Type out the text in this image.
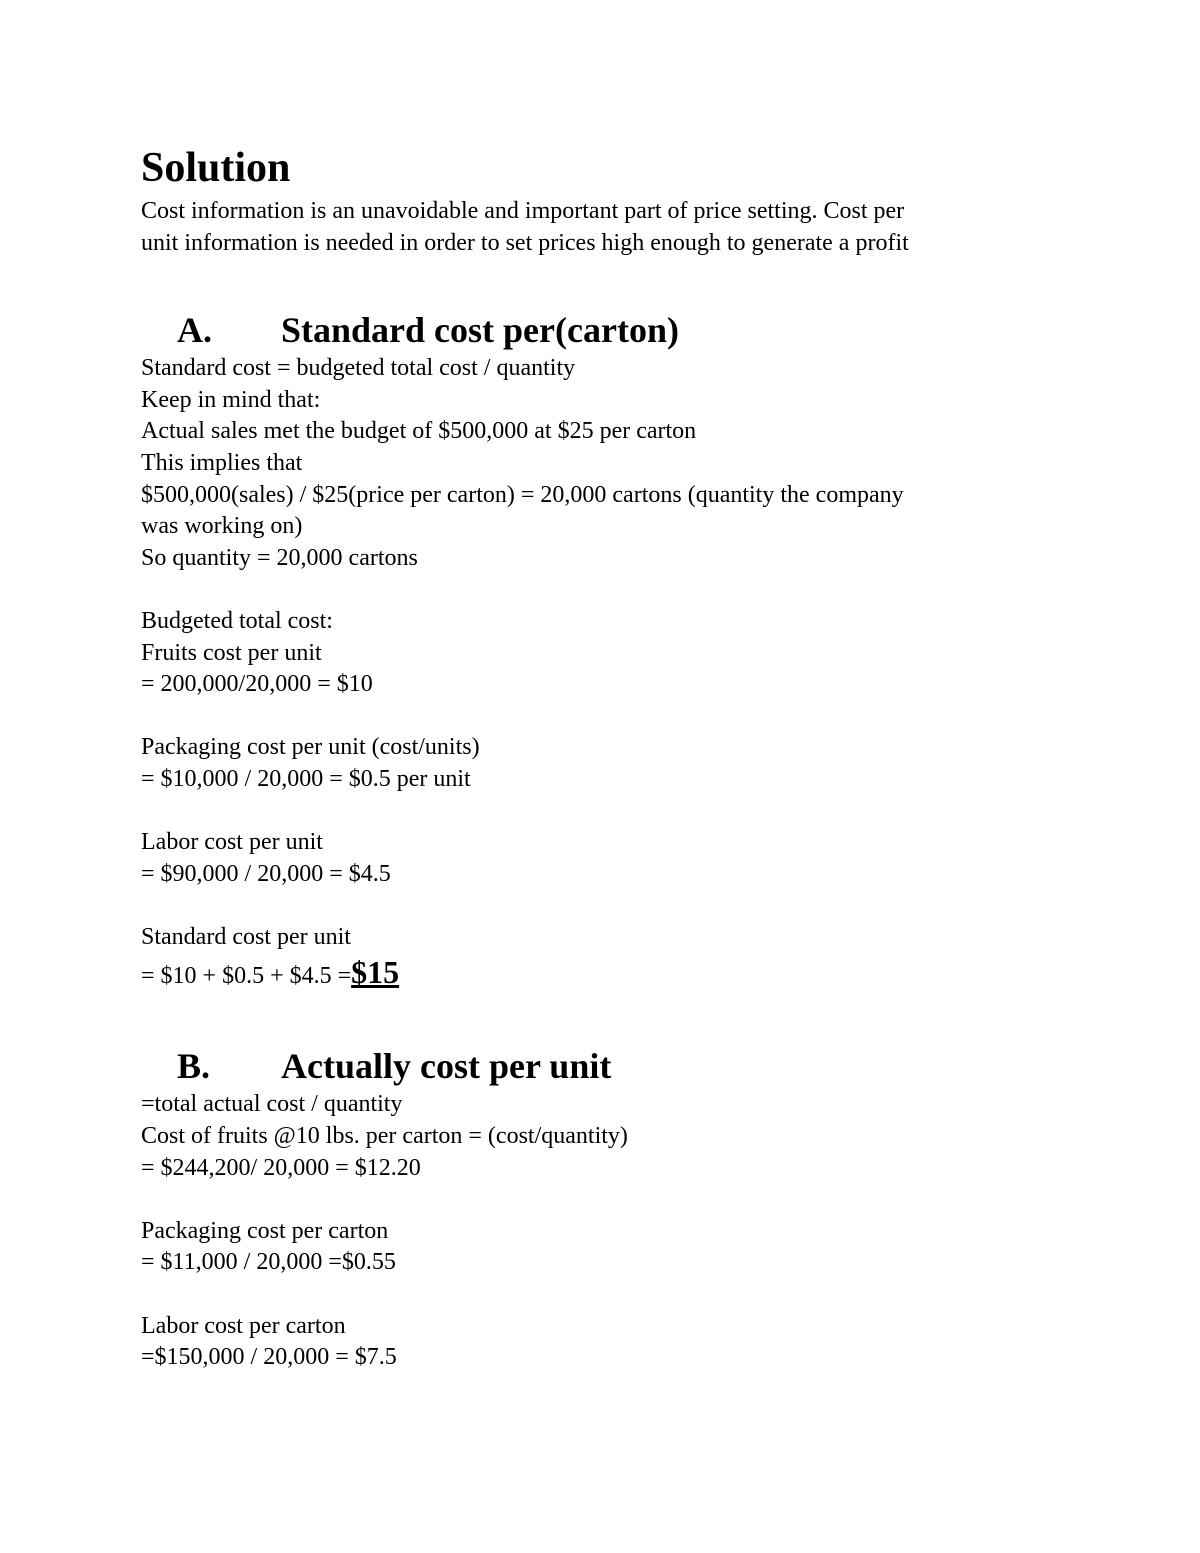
Solution

Cost information is an unavoidable and important part of price setting. Cost per

unit information is needed in order to set prices high enough to generate a profit

A.	Standard cost per(carton)

Standard cost = budgeted total cost / quantity

Keep in mind that:

Actual sales met the budget of $500,000 at $25 per carton

This implies that

$500,000(sales) / $25(price per carton) = 20,000 cartons (quantity the company

was working on)

So quantity = 20,000 cartons

Budgeted total cost:

Fruits cost per unit

= 200,000/20,000 = $10

Packaging cost per unit (cost/units)

= $10,000 / 20,000 = $0.5 per unit

Labor cost per unit

= $90,000 / 20,000 = $4.5

Standard cost per unit

= $10 + $0.5 + $4.5 =$15

B.	Actually cost per unit

=total actual cost / quantity

Cost of fruits @10 lbs. per carton = (cost/quantity)

= $244,200/ 20,000 = $12.20

Packaging cost per carton

= $11,000 / 20,000 =$0.55

Labor cost per carton

=$150,000 / 20,000 = $7.5
